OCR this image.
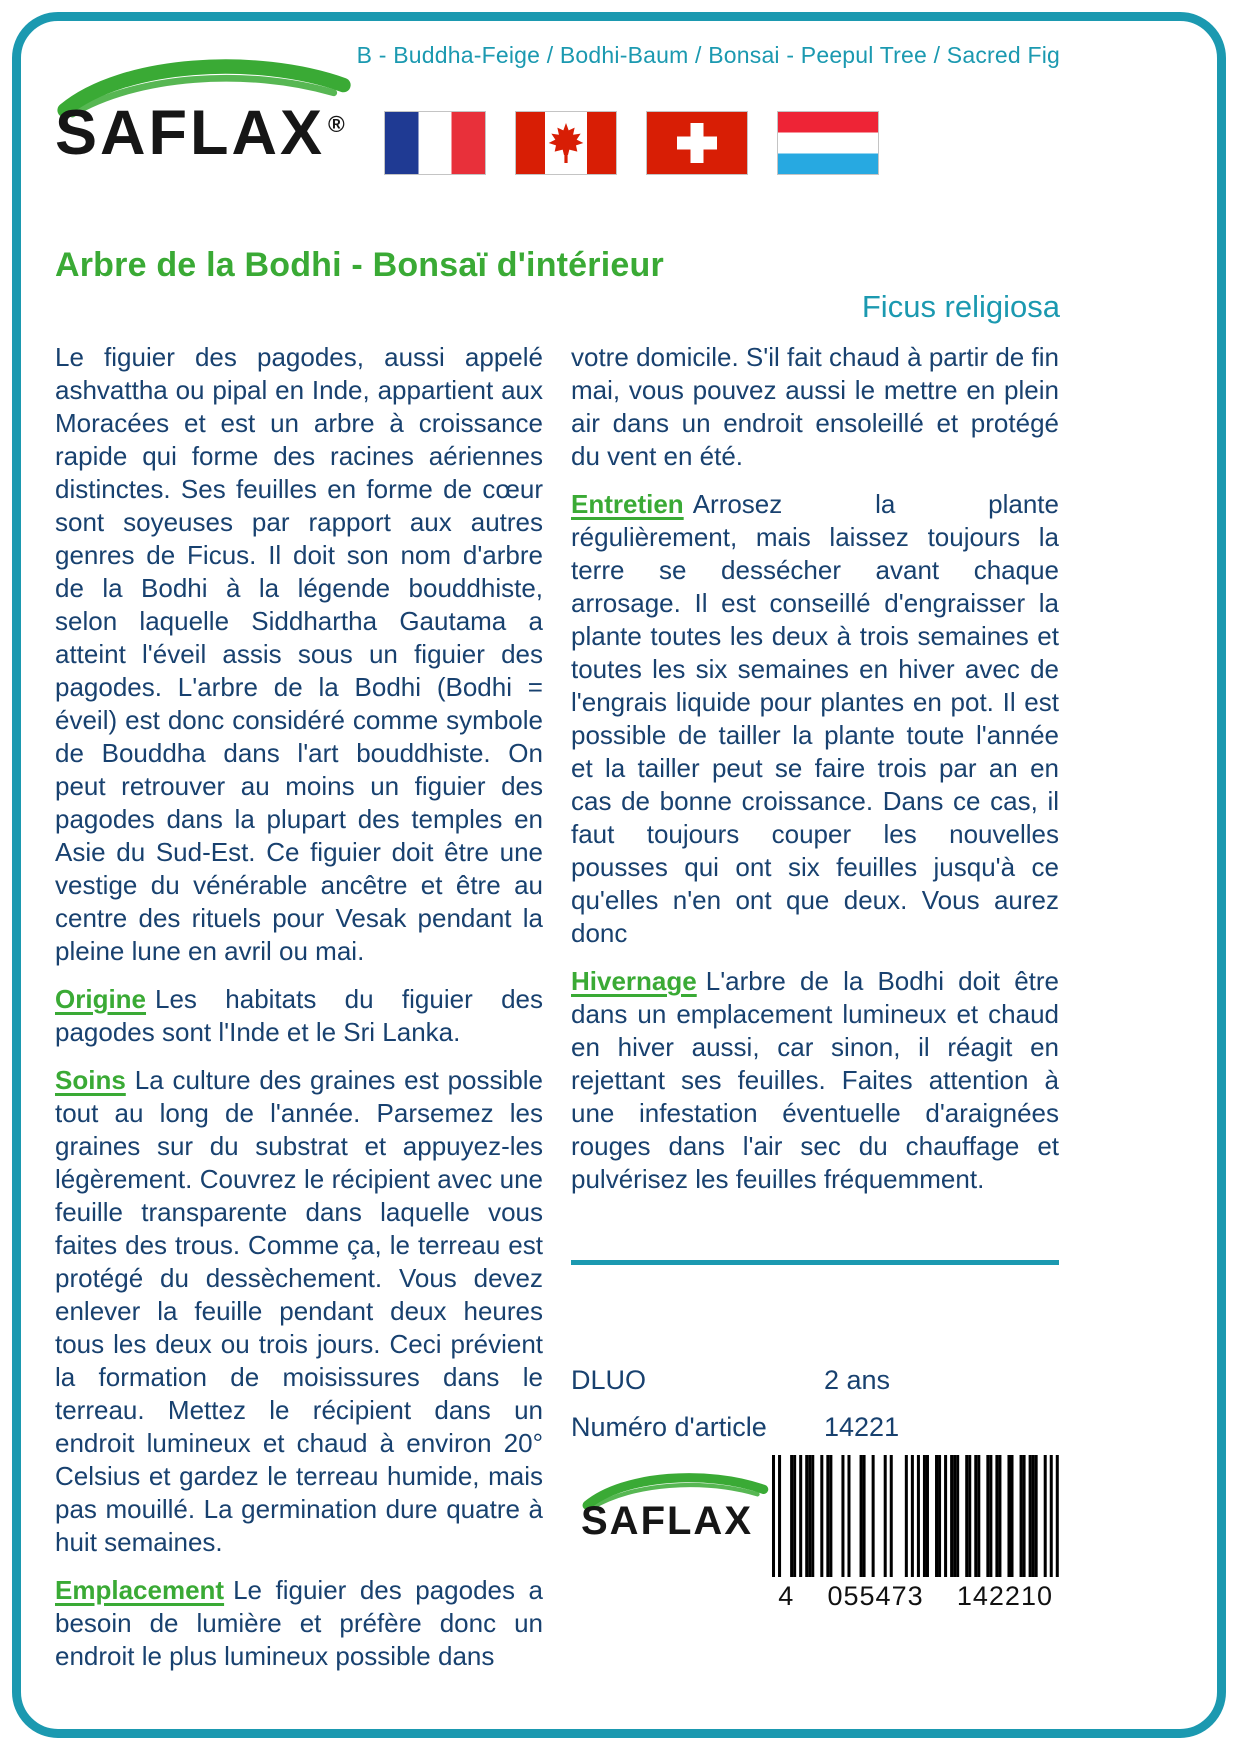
B - Buddha-Feige / Bodhi-Baum / Bonsai - Peepul Tree / Sacred Fig
SAFLAX ®
Arbre de la Bodhi - Bonsaï d'intérieur
Ficus religiosa

Le figuier des pagodes, aussi appelé ashvattha ou pipal en Inde, appartient aux Moracées et est un arbre à croissance rapide qui forme des racines aériennes distinctes. Ses feuilles en forme de cœur sont soyeuses par rapport aux autres genres de Ficus. Il doit son nom d'arbre de la Bodhi à la légende bouddhiste, selon laquelle Siddhartha Gautama a atteint l'éveil assis sous un figuier des pagodes. L'arbre de la Bodhi (Bodhi = éveil) est donc considéré comme symbole de Bouddha dans l'art bouddhiste. On peut retrouver au moins un figuier des pagodes dans la plupart des temples en Asie du Sud-Est. Ce figuier doit être une vestige du vénérable ancêtre et être au centre des rituels pour Vesak pendant la pleine lune en avril ou mai.

Origine Les habitats du figuier des pagodes sont l'Inde et le Sri Lanka.

Soins La culture des graines est possible tout au long de l'année. Parsemez les graines sur du substrat et appuyez-les légèrement. Couvrez le récipient avec une feuille transparente dans laquelle vous faites des trous. Comme ça, le terreau est protégé du dessèchement. Vous devez enlever la feuille pendant deux heures tous les deux ou trois jours. Ceci prévient la formation de moisissures dans le terreau. Mettez le récipient dans un endroit lumineux et chaud à environ 20° Celsius et gardez le terreau humide, mais pas mouillé. La germination dure quatre à huit semaines.

Emplacement Le figuier des pagodes a besoin de lumière et préfère donc un endroit le plus lumineux possible dans

votre domicile. S'il fait chaud à partir de fin mai, vous pouvez aussi le mettre en plein air dans un endroit ensoleillé et protégé du vent en été.

Entretien Arrosez la plante régulièrement, mais laissez toujours la terre se dessécher avant chaque arrosage. Il est conseillé d'engraisser la plante toutes les deux à trois semaines et toutes les six semaines en hiver avec de l'engrais liquide pour plantes en pot. Il est possible de tailler la plante toute l'année et la tailler peut se faire trois par an en cas de bonne croissance. Dans ce cas, il faut toujours couper les nouvelles pousses qui ont six feuilles jusqu'à ce qu'elles n'en ont que deux. Vous aurez donc

Hivernage L'arbre de la Bodhi doit être dans un emplacement lumineux et chaud en hiver aussi, car sinon, il réagit en rejettant ses feuilles. Faites attention à une infestation éventuelle d'araignées rouges dans l'air sec du chauffage et pulvérisez les feuilles fréquemment.

DLUO	2 ans
Numéro d'article	14221
SAFLAX
4 055473 142210
